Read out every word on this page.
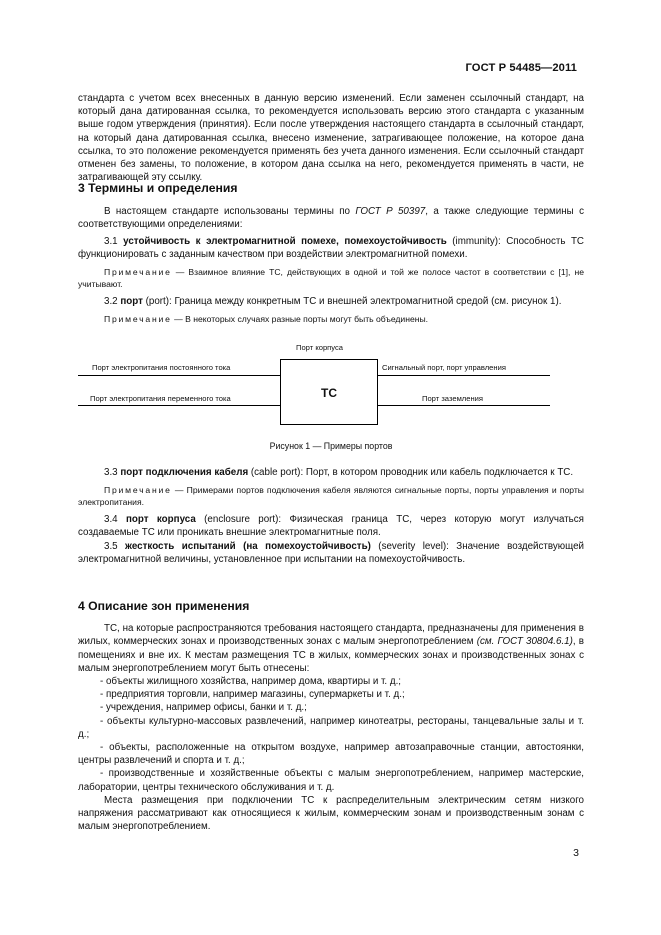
ГОСТ Р 54485—2011

стандарта с учетом всех внесенных в данную версию изменений. Если заменен ссылочный стандарт, на который дана датированная ссылка, то рекомендуется использовать версию этого стандарта с указанным выше годом утверждения (принятия). Если после утверждения настоящего стандарта в ссылочный стандарт, на который дана датированная ссылка, внесено изменение, затрагивающее положение, на которое дана ссылка, то это положение рекомендуется применять без учета данного изменения. Если ссылочный стандарт отменен без замены, то положение, в котором дана ссылка на него, рекомендуется применять в части, не затрагивающей эту ссылку.

3 Термины и определения

В настоящем стандарте использованы термины по ГОСТ Р 50397, а также следующие термины с соответствующими определениями:

3.1 устойчивость к электромагнитной помехе, помехоустойчивость (immunity): Способность ТС функционировать с заданным качеством при воздействии электромагнитной помехи.

Примечание — Взаимное влияние ТС, действующих в одной и той же полосе частот в соответствии с [1], не учитывают.

3.2 порт (port): Граница между конкретным ТС и внешней электромагнитной средой (см. рисунок 1).

Примечание — В некоторых случаях разные порты могут быть объединены.

Порт корпуса
ТС
Порт электропитания постоянного тока
Порт электропитания переменного тока
Сигнальный порт, порт управления
Порт заземления
Рисунок 1 — Примеры портов

3.3 порт подключения кабеля (cable port): Порт, в котором проводник или кабель подключается к ТС.

Примечание — Примерами портов подключения кабеля являются сигнальные порты, порты управления и порты электропитания.

3.4 порт корпуса (enclosure port): Физическая граница ТС, через которую могут излучаться создаваемые ТС или проникать внешние электромагнитные поля.

3.5 жесткость испытаний (на помехоустойчивость) (severity level): Значение воздействующей электромагнитной величины, установленное при испытании на помехоустойчивость.

4 Описание зон применения

ТС, на которые распространяются требования настоящего стандарта, предназначены для применения в жилых, коммерческих зонах и производственных зонах с малым энергопотреблением (см. ГОСТ 30804.6.1), в помещениях и вне их. К местам размещения ТС в жилых, коммерческих зонах и производственных зонах с малым энергопотреблением могут быть отнесены:

- объекты жилищного хозяйства, например дома, квартиры и т. д.;

- предприятия торговли, например магазины, супермаркеты и т. д.;

- учреждения, например офисы, банки и т. д.;

- объекты культурно-массовых развлечений, например кинотеатры, рестораны, танцевальные залы и т. д.;

- объекты, расположенные на открытом воздухе, например автозаправочные станции, автостоянки, центры развлечений и спорта и т. д.;

- производственные и хозяйственные объекты с малым энергопотреблением, например мастерские, лаборатории, центры технического обслуживания и т. д.

Места размещения при подключении ТС к распределительным электрическим сетям низкого напряжения рассматривают как относящиеся к жилым, коммерческим зонам и производственным зонам с малым энергопотреблением.

3
